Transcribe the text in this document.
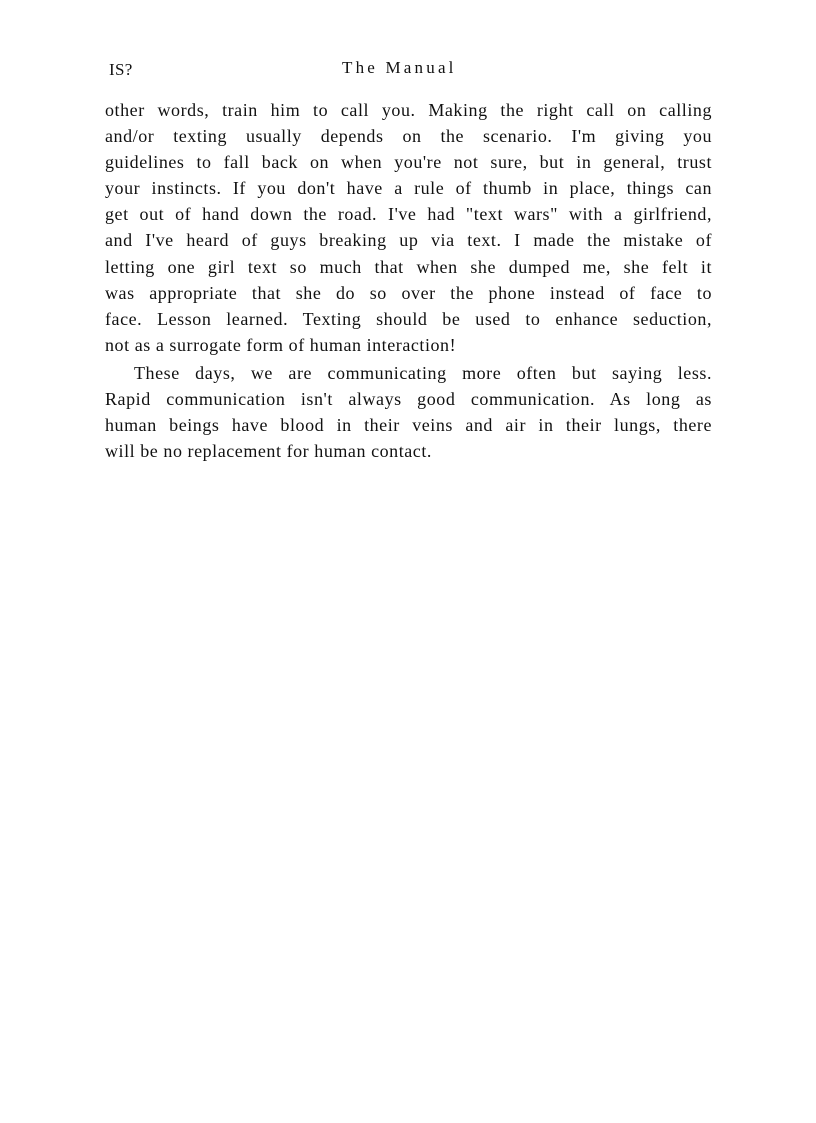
IS?	The Manual
other words, train him to call you. Making the right call on calling
and/or texting usually depends on the scenario. I'm giving you
guidelines to fall back on when you're not sure, but in general, trust
your instincts. If you don't have a rule of thumb in place, things can
get out of hand down the road. I've had "text wars" with a girlfriend,
and I've heard of guys breaking up via text. I made the mistake of
letting one girl text so much that when she dumped me, she felt it
was appropriate that she do so over the phone instead of face to
face. Lesson learned. Texting should be used to enhance seduction,
not as a surrogate form of human interaction!
These days, we are communicating more often but saying less.
Rapid communication isn't always good communication. As long as
human beings have blood in their veins and air in their lungs, there
will be no replacement for human contact.
